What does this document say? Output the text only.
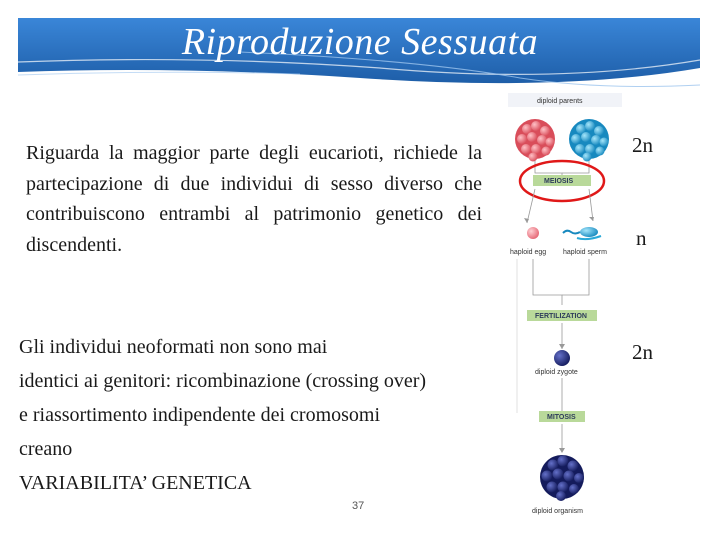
Riproduzione Sessuata

Riguarda la maggior parte degli eucarioti, richiede la partecipazione di due individui di sesso diverso che contribuiscono entrambi al patrimonio genetico dei discendenti.

Gli individui neoformati non sono mai
identici ai genitori: ricombinazione (crossing over)
e riassortimento indipendente dei cromosomi
creano
VARIABILITA’ GENETICA
2n
n
2n
37
diploid parents
MEIOSIS
haploid egg haploid sperm
FERTILIZATION
diploid zygote
MITOSIS
diploid organism
